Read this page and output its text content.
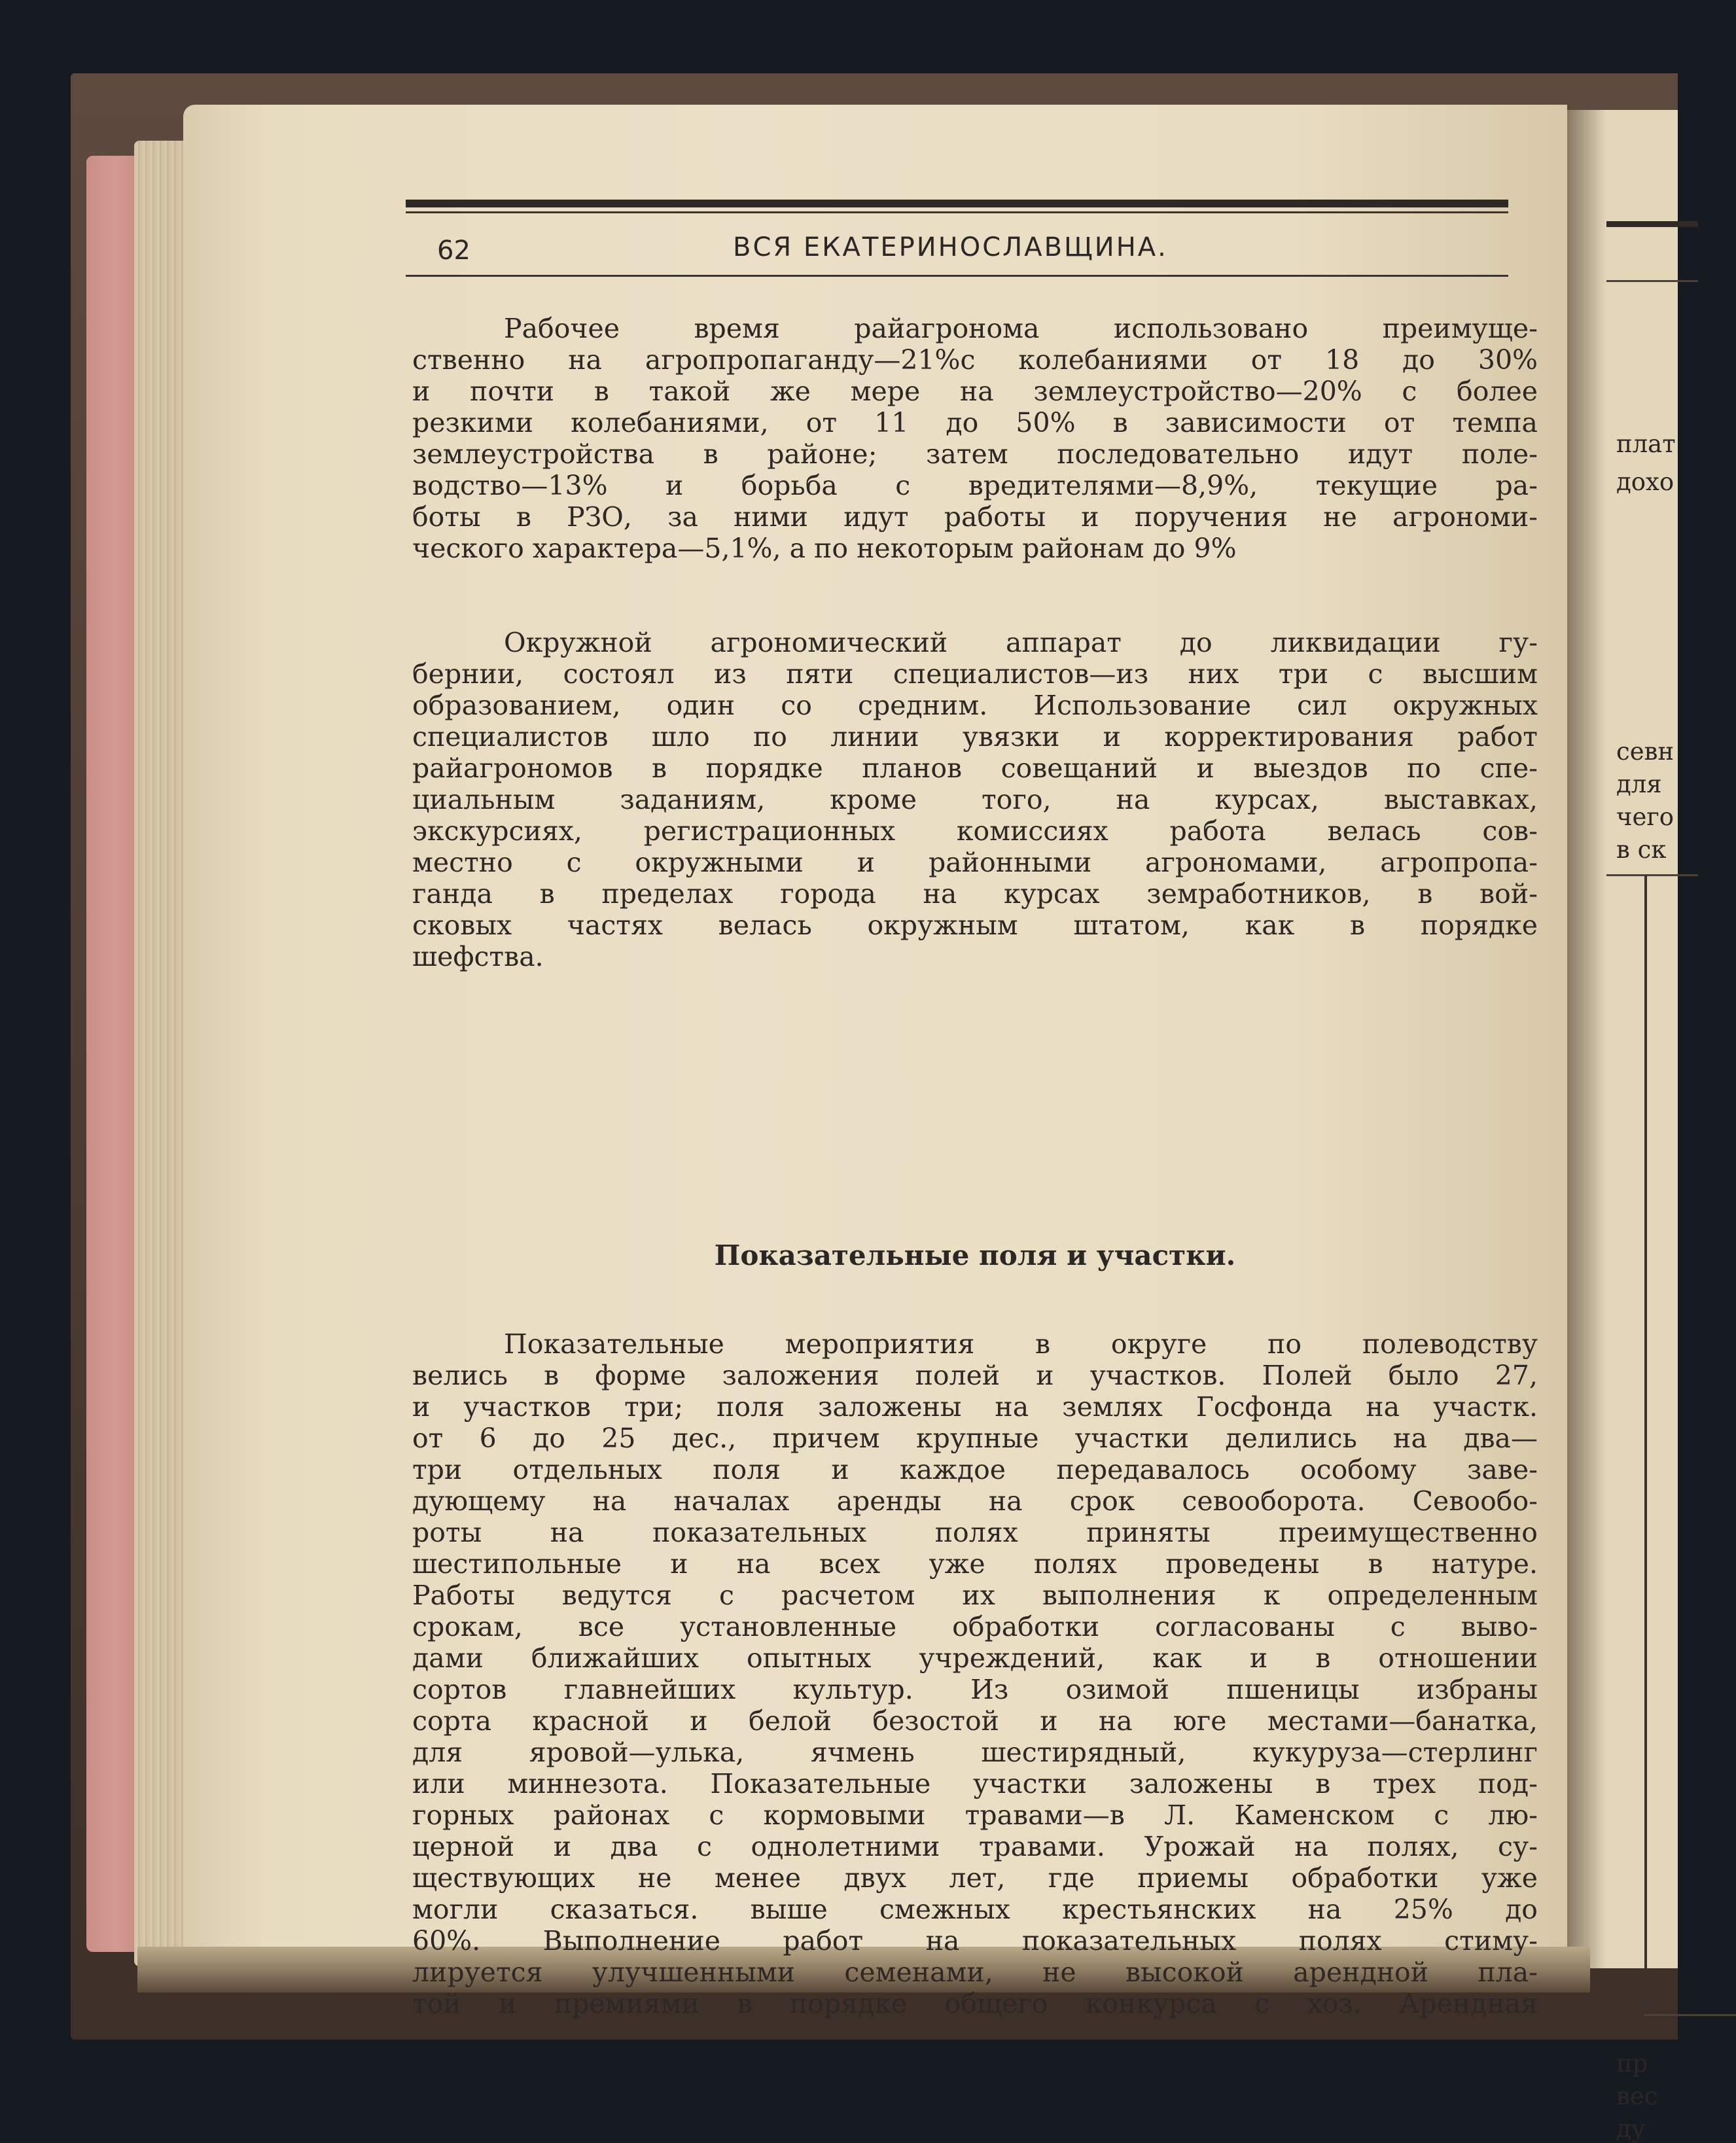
плат
дохо
севн
для
чего
в ск
пр
вес
ду
62	ВСЯ ЕКАТЕРИНОСЛАВЩИНА.
Рабочее время райагронома использовано преимуще-
ственно на агропропаганду—21%с колебаниями от 18 до 30%
и почти в такой же мере на землеустройство—20% с более
резкими колебаниями, от 11 до 50% в зависимости от темпа
землеустройства в районе; затем последовательно идут поле-
водство—13% и борьба с вредителями—8,9%, текущие ра-
боты в РЗО, за ними идут работы и поручения не агрономи-
ческого характера—5,1%, а по некоторым районам до 9%
Окружной агрономический аппарат до ликвидации гу-
бернии, состоял из пяти специалистов—из них три с высшим
образованием, один со средним. Использование сил окружных
специалистов шло по линии увязки и корректирования работ
райагрономов в порядке планов совещаний и выездов по спе-
циальным заданиям, кроме того, на курсах, выставках,
экскурсиях, регистрационных комиссиях работа велась сов-
местно с окружными и районными агрономами, агропропа-
ганда в пределах города на курсах земработников, в вой-
сковых частях велась окружным штатом, как в порядке
шефства.
Показательные поля и участки.
Показательные мероприятия в округе по полеводству
велись в форме заложения полей и участков. Полей было 27,
и участков три; поля заложены на землях Госфонда на участк.
от 6 до 25 дес., причем крупные участки делились на два—
три отдельных поля и каждое передавалось особому заве-
дующему на началах аренды на срок севооборота. Севообо-
роты на показательных полях приняты преимущественно
шестипольные и на всех уже полях проведены в натуре.
Работы ведутся с расчетом их выполнения к определенным
срокам, все установленные обработки согласованы с выво-
дами ближайших опытных учреждений, как и в отношении
сортов главнейших культур. Из озимой пшеницы избраны
сорта красной и белой безостой и на юге местами—банатка,
для яровой—улька, ячмень шестирядный, кукуруза—стерлинг
или миннезота. Показательные участки заложены в трех под-
горных районах с кормовыми травами—в Л. Каменском с лю-
церной и два с однолетними травами. Урожай на полях, су-
ществующих не менее двух лет, где приемы обработки уже
могли сказаться. выше смежных крестьянских на 25% до
60%. Выполнение работ на показательных полях стиму-
лируется улучшенными семенами, не высокой арендной пла-
той и премиями в порядке общего конкурса с хоз. Арендная
